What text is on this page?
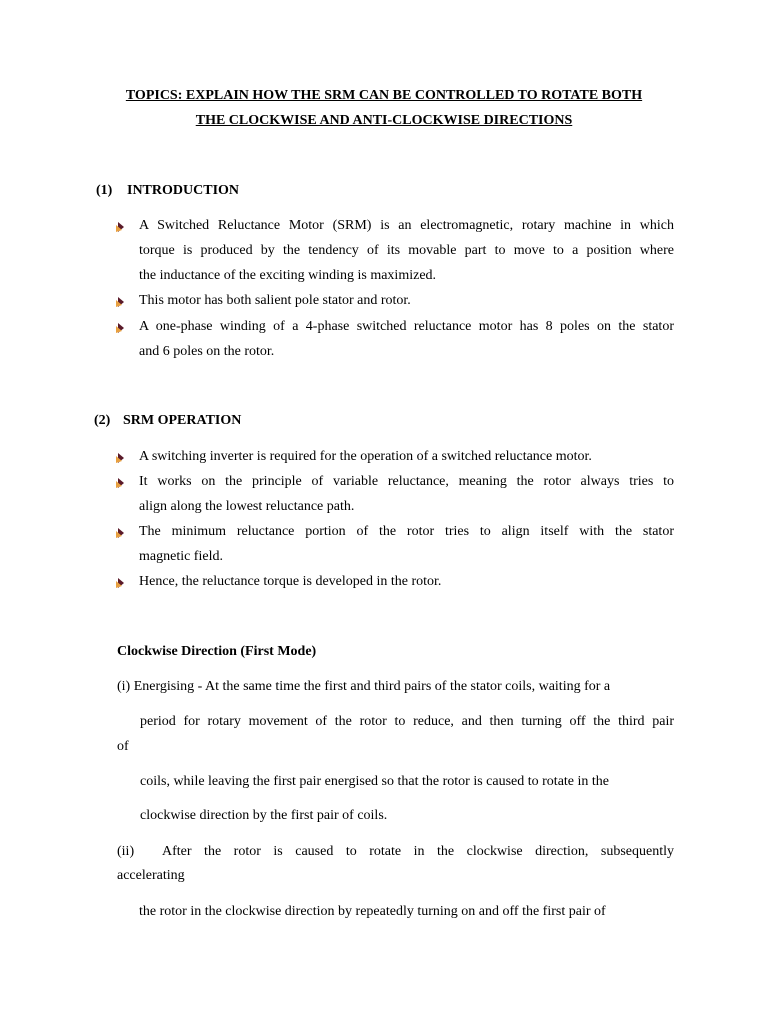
TOPICS: EXPLAIN HOW THE SRM CAN BE CONTROLLED TO ROTATE BOTH
THE CLOCKWISE AND ANTI-CLOCKWISE DIRECTIONS
(1) INTRODUCTION
A Switched Reluctance Motor (SRM) is an electromagnetic, rotary machine in which
torque is produced by the tendency of its movable part to move to a position where
the inductance of the exciting winding is maximized.
This motor has both salient pole stator and rotor.
A one-phase winding of a 4-phase switched reluctance motor has 8 poles on the stator
and 6 poles on the rotor.
(2) SRM OPERATION
A switching inverter is required for the operation of a switched reluctance motor.
It works on the principle of variable reluctance, meaning the rotor always tries to
align along the lowest reluctance path.
The minimum reluctance portion of the rotor tries to align itself with the stator
magnetic field.
Hence, the reluctance torque is developed in the rotor.
Clockwise Direction (First Mode)
(i) Energising - At the same time the first and third pairs of the stator coils, waiting for a
period for rotary movement of the rotor to reduce, and then turning off the third pair
of
coils, while leaving the first pair energised so that the rotor is caused to rotate in the
clockwise direction by the first pair of coils.
(ii) After the rotor is caused to rotate in the clockwise direction, subsequently
accelerating
the rotor in the clockwise direction by repeatedly turning on and off the first pair of
